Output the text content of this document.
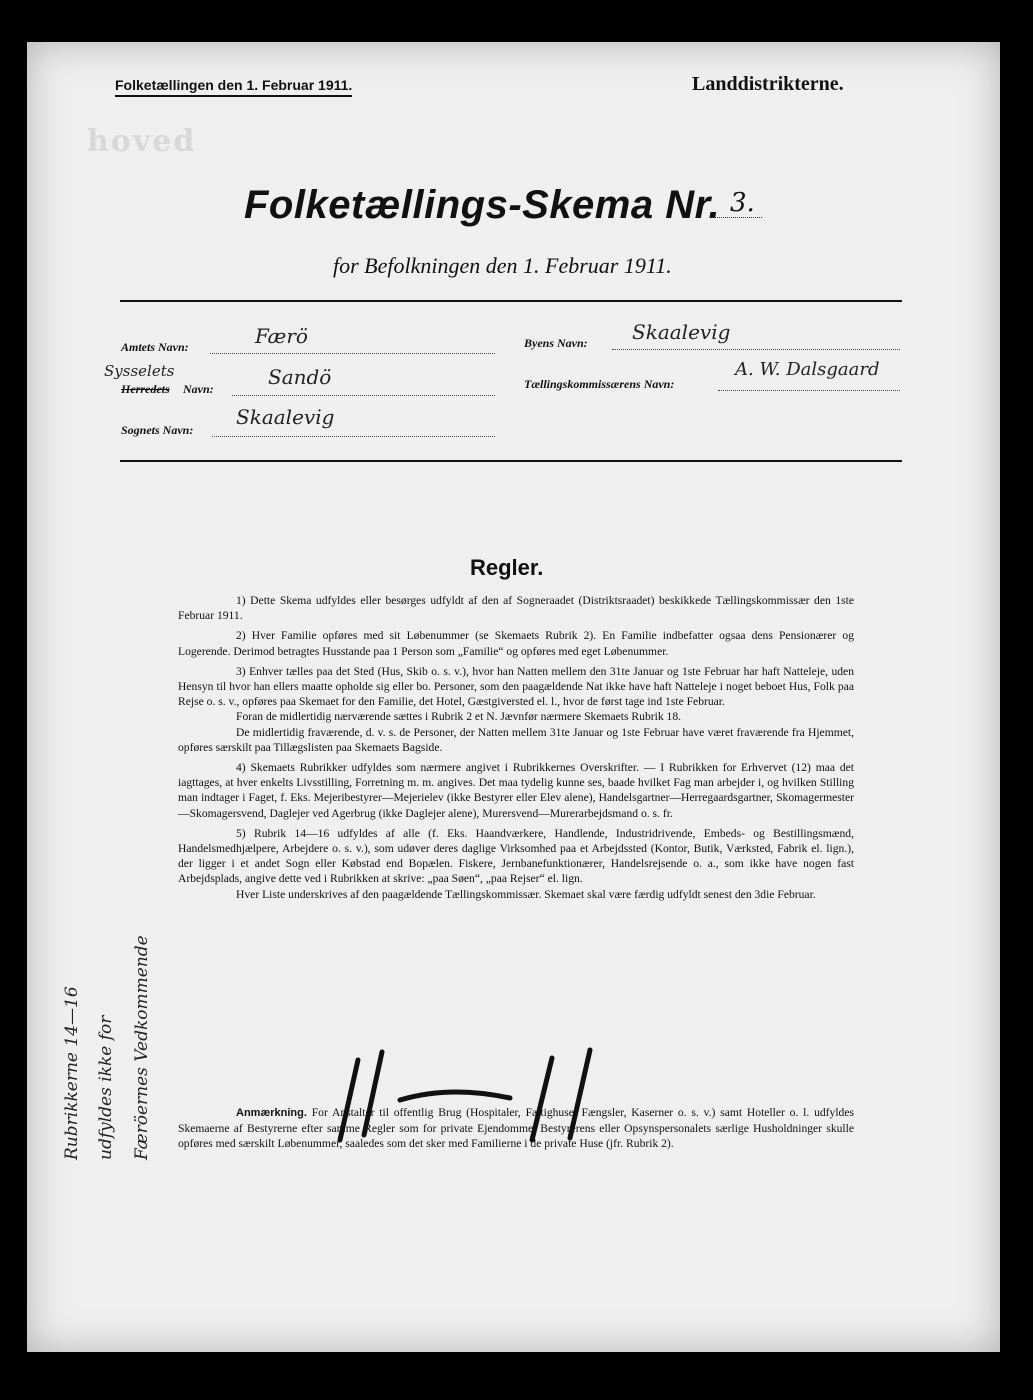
hoved
Folketællingen den 1. Februar 1911.	Landdistrikterne.
Folketællings-Skema Nr. 3.
for Befolkningen den 1. Februar 1911.
Amtets Navn:	Færö	Byens Navn: Skaalevig
Sysselets
Herredets Navn:	Sandö	Tællingskommissærens Navn:
A. W. Dalsgaard
Sognets Navn:
Skaalevig
Regler.

1) Dette Skema udfyldes eller besørges udfyldt af den af Sogneraadet (Distriktsraadet) beskikkede Tællingskommissær den 1ste Februar 1911.

2) Hver Familie opføres med sit Løbenummer (se Skemaets Rubrik 2). En Familie indbefatter ogsaa dens Pensionærer og Logerende. Derimod betragtes Husstande paa 1 Person som „Familie“ og opføres med eget Løbenummer.

3) Enhver tælles paa det Sted (Hus, Skib o. s. v.), hvor han Natten mellem den 31te Januar og 1ste Februar har haft Natteleje, uden Hensyn til hvor han ellers maatte opholde sig eller bo. Personer, som den paagældende Nat ikke have haft Natteleje i noget beboet Hus, Folk paa Rejse o. s. v., opføres paa Skemaet for den Familie, det Hotel, Gæstgiversted el. l., hvor de først tage ind 1ste Februar.

Foran de midlertidig nærværende sættes i Rubrik 2 et N. Jævnfør nærmere Skemaets Rubrik 18.

De midlertidig fraværende, d. v. s. de Personer, der Natten mellem 31te Januar og 1ste Februar have været fraværende fra Hjemmet, opføres særskilt paa Tillægslisten paa Skemaets Bagside.

4) Skemaets Rubrikker udfyldes som nærmere angivet i Rubrikkernes Overskrifter. — I Rubrikken for Erhvervet (12) maa det iagttages, at hver enkelts Livsstilling, Forretning m. m. angives. Det maa tydelig kunne ses, baade hvilket Fag man arbejder i, og hvilken Stilling man indtager i Faget, f. Eks. Mejeribestyrer—Mejerielev (ikke Bestyrer eller Elev alene), Handelsgartner—Herregaardsgartner, Skomagermester—Skomagersvend, Daglejer ved Agerbrug (ikke Daglejer alene), Murersvend—Murerarbejdsmand o. s. fr.

5) Rubrik 14—16 udfyldes af alle (f. Eks. Haandværkere, Handlende, Industridrivende, Embeds- og Bestillingsmænd, Handelsmedhjælpere, Arbejdere o. s. v.), som udøver deres daglige Virksomhed paa et Arbejdssted (Kontor, Butik, Værksted, Fabrik el. lign.), der ligger i et andet Sogn eller Købstad end Bopælen. Fiskere, Jernbanefunktionærer, Handelsrejsende o. a., som ikke have nogen fast Arbejdsplads, angive dette ved i Rubrikken at skrive: „paa Søen“, „paa Rejser“ el. lign.

Hver Liste underskrives af den paagældende Tællingskommissær. Skemaet skal være færdig udfyldt senest den 3die Februar.

Anmærkning. For Anstalter til offentlig Brug (Hospitaler, Fattighuse, Fængsler, Kaserner o. s. v.) samt Hoteller o. l. udfyldes Skemaerne af Bestyrerne efter samme Regler som for private Ejendomme. Bestyrerens eller Opsynspersonalets særlige Husholdninger skulle opføres med særskilt Løbenummer, saaledes som det sker med Familierne i de private Huse (jfr. Rubrik 2).

Rubrikkerne 14—16 udfyldes ikke for Færöernes Vedkommende
